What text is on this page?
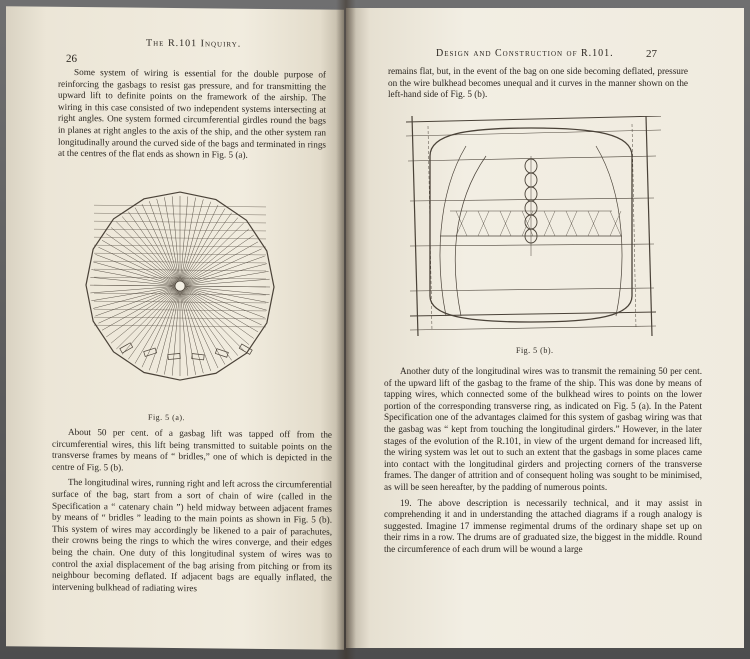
26
The R.101 Inquiry.

Some system of wiring is essential for the double purpose of reinforcing the gasbags to resist gas pressure, and for transmitting the upward lift to definite points on the framework of the airship. The wiring in this case consisted of two independent systems intersecting at right angles. One system formed circumferential girdles round the bags in planes at right angles to the axis of the ship, and the other system ran longitudinally around the curved side of the bags and terminated in rings at the centres of the flat ends as shown in Fig. 5 (a).

Fig. 5 (a).

About 50 per cent. of a gasbag lift was tapped off from the circumferential wires, this lift being transmitted to suitable points on the transverse frames by means of “ bridles,” one of which is depicted in the centre of Fig. 5 (b).

The longitudinal wires, running right and left across the circumferential surface of the bag, start from a sort of chain of wire (called in the Specification a “ catenary chain ”) held midway between adjacent frames by means of “ bridles ” leading to the main points as shown in Fig. 5 (b). This system of wires may accordingly be likened to a pair of parachutes, their crowns being the rings to which the wires converge, and their edges being the chain. One duty of this longitudinal system of wires was to control the axial displacement of the bag arising from pitching or from its neighbour becoming deflated. If adjacent bags are equally inflated, the intervening bulkhead of radiating wires

Design and Construction of R.101.	27

remains flat, but, in the event of the bag on one side becoming deflated, pressure on the wire bulkhead becomes unequal and it curves in the manner shown on the left-hand side of Fig. 5 (b).

Fig. 5 (b).

Another duty of the longitudinal wires was to transmit the remaining 50 per cent. of the upward lift of the gasbag to the frame of the ship. This was done by means of tapping wires, which connected some of the bulkhead wires to points on the lower portion of the corresponding transverse ring, as indicated on Fig. 5 (a). In the Patent Specification one of the advantages claimed for this system of gasbag wiring was that the gasbag was “ kept from touching the longitudinal girders.” However, in the later stages of the evolution of the R.101, in view of the urgent demand for increased lift, the wiring system was let out to such an extent that the gasbags in some places came into contact with the longitudinal girders and projecting corners of the transverse frames. The danger of attrition and of consequent holing was sought to be minimised, as will be seen hereafter, by the padding of numerous points.

19. The above description is necessarily technical, and it may assist in comprehending it and in understanding the attached diagrams if a rough analogy is suggested. Imagine 17 immense regimental drums of the ordinary shape set up on their rims in a row. The drums are of graduated size, the biggest in the middle. Round the circumference of each drum will be wound a large
